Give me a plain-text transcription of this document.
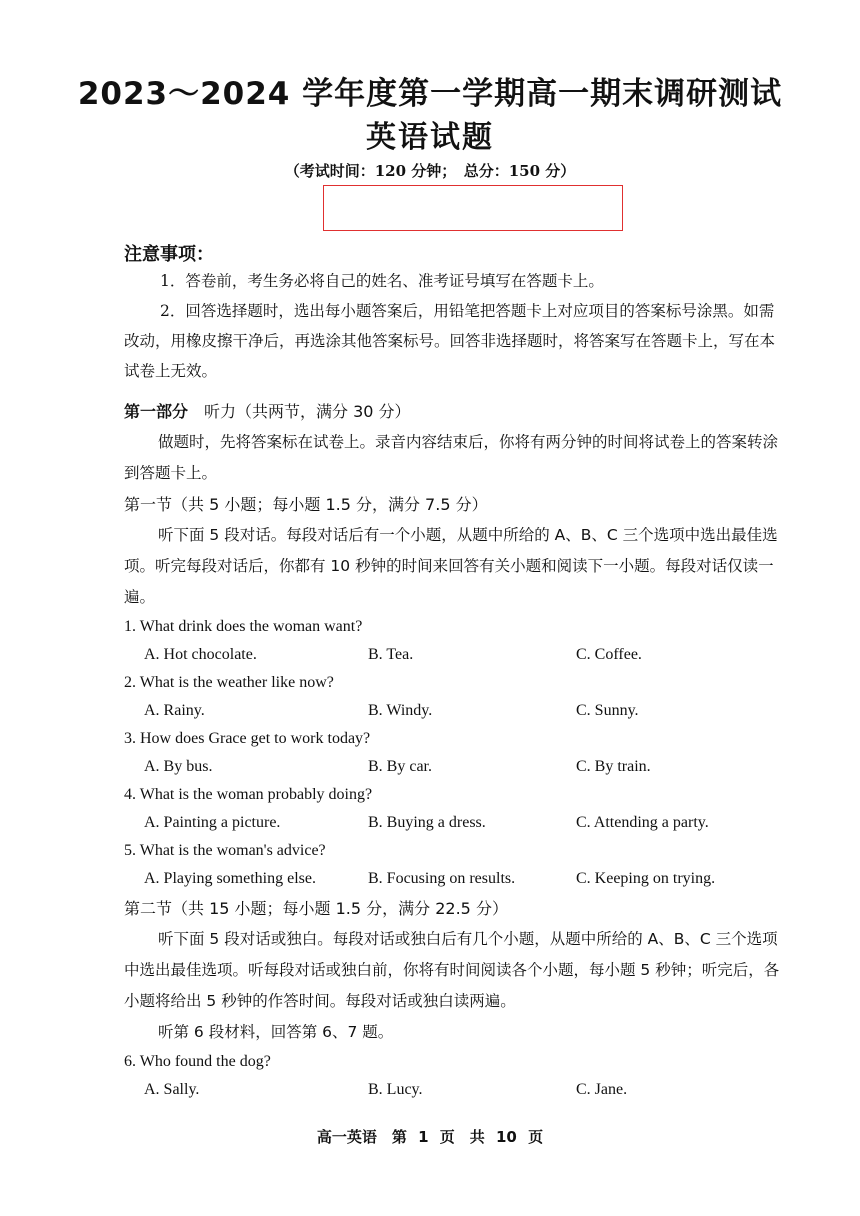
2023～2024 学年度第一学期高一期末调研测试
英语试题
（考试时间：120 分钟；　总分：150 分）
注意事项：

1．答卷前，考生务必将自己的姓名、准考证号填写在答题卡上。

2．回答选择题时，选出每小题答案后，用铅笔把答题卡上对应项目的答案标号涂黑。如需改动，用橡皮擦干净后，再选涂其他答案标号。回答非选择题时，将答案写在答题卡上，写在本试卷上无效。

第一部分　听力（共两节，满分 30 分）

做题时，先将答案标在试卷上。录音内容结束后，你将有两分钟的时间将试卷上的答案转涂到答题卡上。

第一节（共 5 小题；每小题 1.5 分，满分 7.5 分）

听下面 5 段对话。每段对话后有一个小题，从题中所给的 A、B、C 三个选项中选出最佳选项。听完每段对话后，你都有 10 秒钟的时间来回答有关小题和阅读下一小题。每段对话仅读一遍。

1. What drink does the woman want?

A. Hot chocolate.	B. Tea.	C. Coffee.

2. What is the weather like now?

A. Rainy.	B. Windy.	C. Sunny.

3. How does Grace get to work today?

A. By bus.	B. By car.	C. By train.

4. What is the woman probably doing?

A. Painting a picture.	B. Buying a dress.	C. Attending a party.

5. What is the woman's advice?

A. Playing something else.	B. Focusing on results.	C. Keeping on trying.

第二节（共 15 小题；每小题 1.5 分，满分 22.5 分）

听下面 5 段对话或独白。每段对话或独白后有几个小题，从题中所给的 A、B、C 三个选项中选出最佳选项。听每段对话或独白前，你将有时间阅读各个小题，每小题 5 秒钟；听完后，各小题将给出 5 秒钟的作答时间。每段对话或独白读两遍。

听第 6 段材料，回答第 6、7 题。

6. Who found the dog?

A. Sally.	B. Lucy.	C. Jane.
高一英语　第 1 页　共 10 页
